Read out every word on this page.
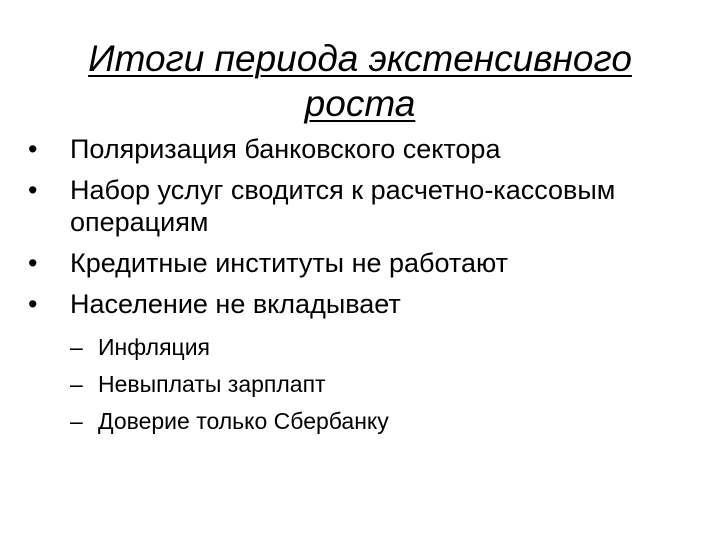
Итоги периода экстенсивного роста
•	Поляризация банковского сектора
•	Набор услуг сводится к расчетно-кассовым операциям
•	Кредитные институты не работают
•	Население не вкладывает
– Инфляция
– Невыплаты зарплапт
– Доверие только Сбербанку
